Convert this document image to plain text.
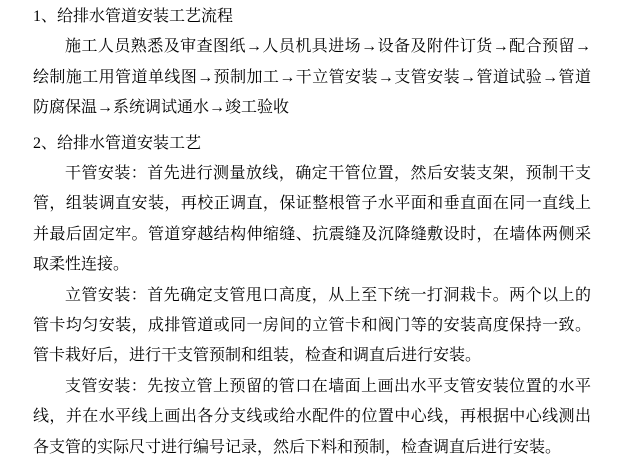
1、给排水管道安装工艺流程

施工人员熟悉及审查图纸→人员机具进场→设备及附件订货→配合预留→绘制施工用管道单线图→预制加工→干立管安装→支管安装→管道试验→管道防腐保温→系统调试通水→竣工验收

2、给排水管道安装工艺

干管安装：首先进行测量放线，确定干管位置，然后安装支架，预制干支管，组装调直安装，再校正调直，保证整根管子水平面和垂直面在同一直线上并最后固定牢。管道穿越结构伸缩缝、抗震缝及沉降缝敷设时，在墙体两侧采取柔性连接。

立管安装：首先确定支管甩口高度，从上至下统一打洞栽卡。两个以上的管卡均匀安装，成排管道或同一房间的立管卡和阀门等的安装高度保持一致。管卡栽好后，进行干支管预制和组装，检查和调直后进行安装。

支管安装：先按立管上预留的管口在墙面上画出水平支管安装位置的水平线，并在水平线上画出各分支线或给水配件的位置中心线，再根据中心线测出各支管的实际尺寸进行编号记录，然后下料和预制，检查调直后进行安装。
